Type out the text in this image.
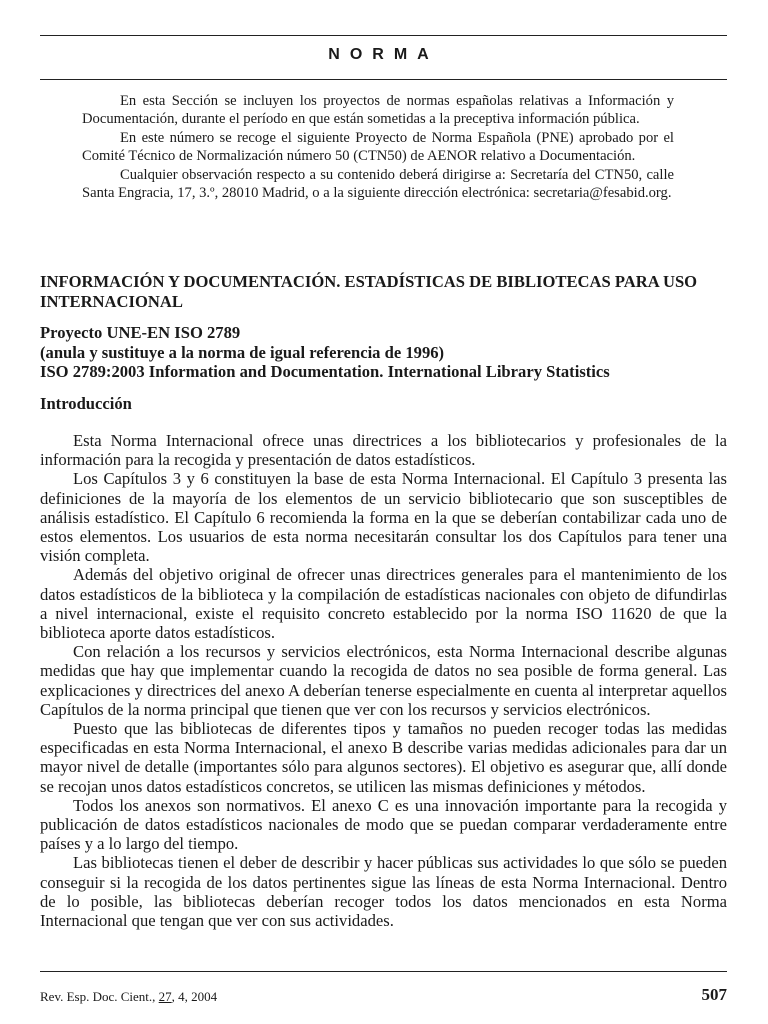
NORMA

En esta Sección se incluyen los proyectos de normas españolas relativas a Información y Documentación, durante el período en que están sometidas a la preceptiva información pública.

En este número se recoge el siguiente Proyecto de Norma Española (PNE) aprobado por el Comité Técnico de Normalización número 50 (CTN50) de AENOR relativo a Documentación.

Cualquier observación respecto a su contenido deberá dirigirse a: Secretaría del CTN50, calle Santa Engracia, 17, 3.º, 28010 Madrid, o a la siguiente dirección electrónica: secretaria@fesabid.org.

INFORMACIÓN Y DOCUMENTACIÓN. ESTADÍSTICAS DE BIBLIOTECAS PARA USO INTERNACIONAL
Proyecto UNE-EN ISO 2789
(anula y sustituye a la norma de igual referencia de 1996)
ISO 2789:2003 Information and Documentation. International Library Statistics
Introducción

Esta Norma Internacional ofrece unas directrices a los bibliotecarios y profesionales de la información para la recogida y presentación de datos estadísticos.

Los Capítulos 3 y 6 constituyen la base de esta Norma Internacional. El Capítulo 3 presenta las definiciones de la mayoría de los elementos de un servicio bibliotecario que son susceptibles de análisis estadístico. El Capítulo 6 recomienda la forma en la que se deberían contabilizar cada uno de estos elementos. Los usuarios de esta norma necesitarán consultar los dos Capítulos para tener una visión completa.

Además del objetivo original de ofrecer unas directrices generales para el mantenimiento de los datos estadísticos de la biblioteca y la compilación de estadísticas nacionales con objeto de difundirlas a nivel internacional, existe el requisito concreto establecido por la norma ISO 11620 de que la biblioteca aporte datos estadísticos.

Con relación a los recursos y servicios electrónicos, esta Norma Internacional describe algunas medidas que hay que implementar cuando la recogida de datos no sea posible de forma general. Las explicaciones y directrices del anexo A deberían tenerse especialmente en cuenta al interpretar aquellos Capítulos de la norma principal que tienen que ver con los recursos y servicios electrónicos.

Puesto que las bibliotecas de diferentes tipos y tamaños no pueden recoger todas las medidas especificadas en esta Norma Internacional, el anexo B describe varias medidas adicionales para dar un mayor nivel de detalle (importantes sólo para algunos sectores). El objetivo es asegurar que, allí donde se recojan unos datos estadísticos concretos, se utilicen las mismas definiciones y métodos.

Todos los anexos son normativos. El anexo C es una innovación importante para la recogida y publicación de datos estadísticos nacionales de modo que se puedan comparar verdaderamente entre países y a lo largo del tiempo.

Las bibliotecas tienen el deber de describir y hacer públicas sus actividades lo que sólo se pueden conseguir si la recogida de los datos pertinentes sigue las líneas de esta Norma Internacional. Dentro de lo posible, las bibliotecas deberían recoger todos los datos mencionados en esta Norma Internacional que tengan que ver con sus actividades.

Rev. Esp. Doc. Cient., 27, 4, 2004	507
